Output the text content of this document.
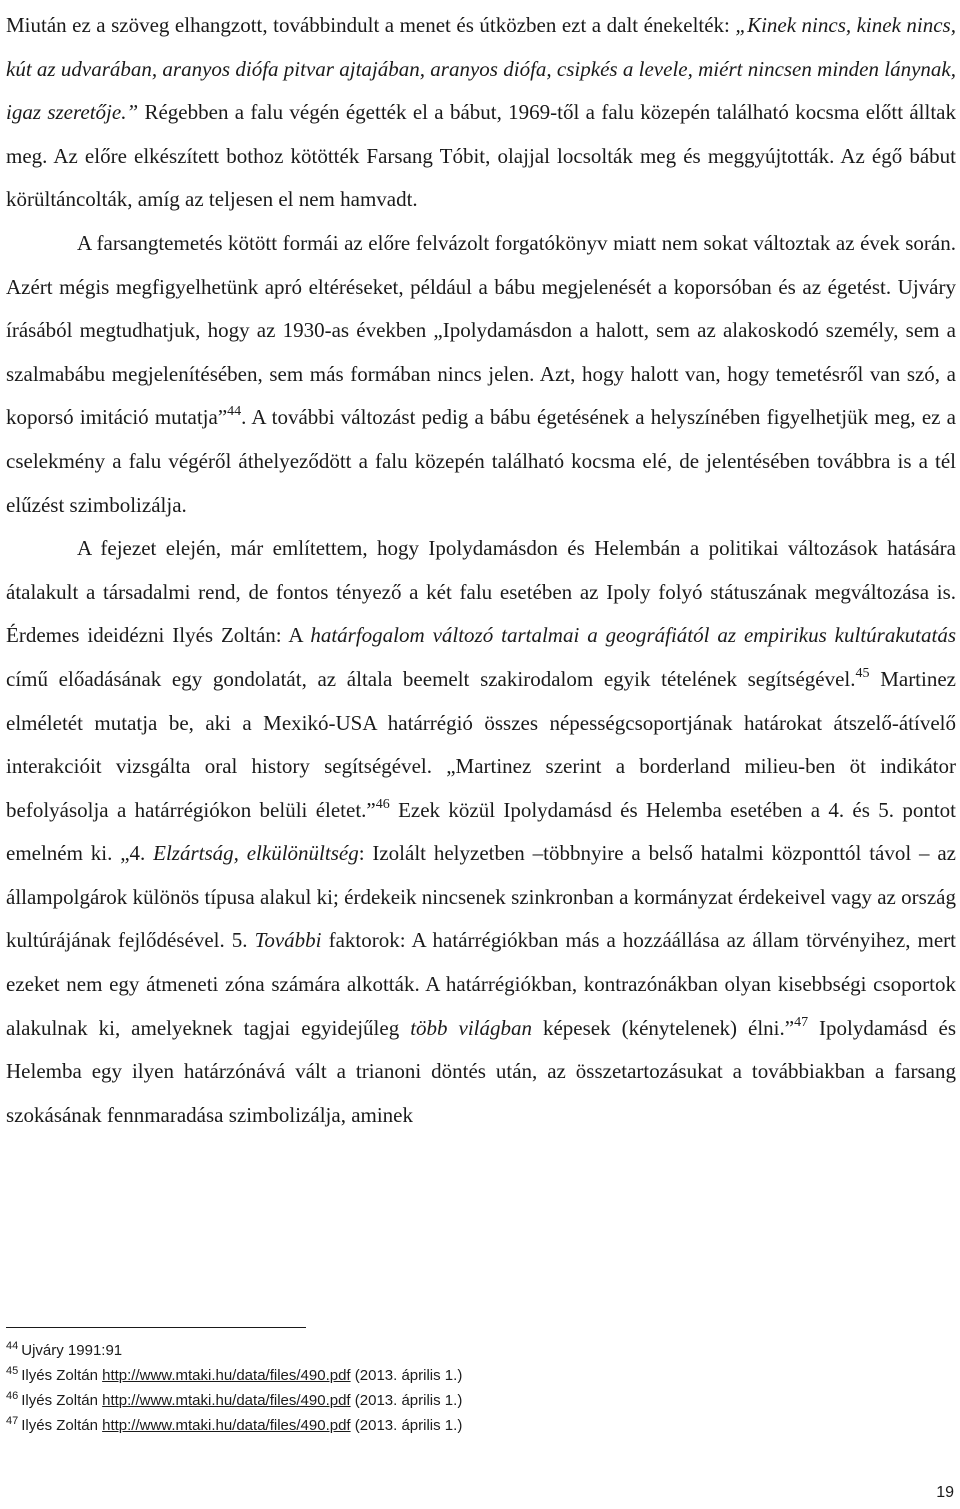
Miután ez a szöveg elhangzott, továbbindult a menet és útközben ezt a dalt énekelték: „Kinek nincs, kinek nincs, kút az udvarában, aranyos diófa pitvar ajtajában, aranyos diófa, csipkés a levele, miért nincsen minden lánynak, igaz szeretője.” Régebben a falu végén égették el a bábut, 1969-től a falu közepén található kocsma előtt álltak meg. Az előre elkészített bothoz kötötték Farsang Tóbit, olajjal locsolták meg és meggyújtották. Az égő bábut körültáncolták, amíg az teljesen el nem hamvadt.

A farsangtemetés kötött formái az előre felvázolt forgatókönyv miatt nem sokat változtak az évek során. Azért mégis megfigyelhetünk apró eltéréseket, például a bábu megjelenését a koporsóban és az égetést. Ujváry írásából megtudhatjuk, hogy az 1930-as években „Ipolydamásdon a halott, sem az alakoskodó személy, sem a szalmabábu megjelenítésében, sem más formában nincs jelen. Azt, hogy halott van, hogy temetésről van szó, a koporsó imitáció mutatja”$^{44}$. A további változást pedig a bábu égetésének a helyszínében figyelhetjük meg, ez a cselekmény a falu végéről áthelyeződött a falu közepén található kocsma elé, de jelentésében továbbra is a tél elűzést szimbolizálja.

A fejezet elején, már említettem, hogy Ipolydamásdon és Helembán a politikai változások hatására átalakult a társadalmi rend, de fontos tényező a két falu esetében az Ipoly folyó státuszának megváltozása is. Érdemes ideidézni Ilyés Zoltán: A határfogalom változó tartalmai a geográfiától az empirikus kultúrakutatás című előadásának egy gondolatát, az általa beemelt szakirodalom egyik tételének segítségével.$^{45}$ Martinez elméletét mutatja be, aki a Mexikó-USA határrégió összes népességcsoportjának határokat átszelő-átívelő interakcióit vizsgálta oral history segítségével. „Martinez szerint a borderland milieu-ben öt indikátor befolyásolja a határrégiókon belüli életet.”$^{46}$ Ezek közül Ipolydamásd és Helemba esetében a 4. és 5. pontot emelném ki. „4. Elzártság, elkülönültség: Izolált helyzetben –többnyire a belső hatalmi központtól távol – az állampolgárok különös típusa alakul ki; érdekeik nincsenek szinkronban a kormányzat érdekeivel vagy az ország kultúrájának fejlődésével. 5. További faktorok: A határrégiókban más a hozzáállása az állam törvényihez, mert ezeket nem egy átmeneti zóna számára alkották. A határrégiókban, kontrazónákban olyan kisebbségi csoportok alakulnak ki, amelyeknek tagjai egyidejűleg több világban képesek (kénytelenek) élni.”$^{47}$ Ipolydamásd és Helemba egy ilyen határzónává vált a trianoni döntés után, az összetartozásukat a továbbiakban a farsang szokásának fennmaradása szimbolizálja, aminek

$^{44}$ Ujváry 1991:91
$^{45}$ Ilyés Zoltán http://www.mtaki.hu/data/files/490.pdf (2013. április 1.)
$^{46}$ Ilyés Zoltán http://www.mtaki.hu/data/files/490.pdf (2013. április 1.)
$^{47}$ Ilyés Zoltán http://www.mtaki.hu/data/files/490.pdf (2013. április 1.)
19
